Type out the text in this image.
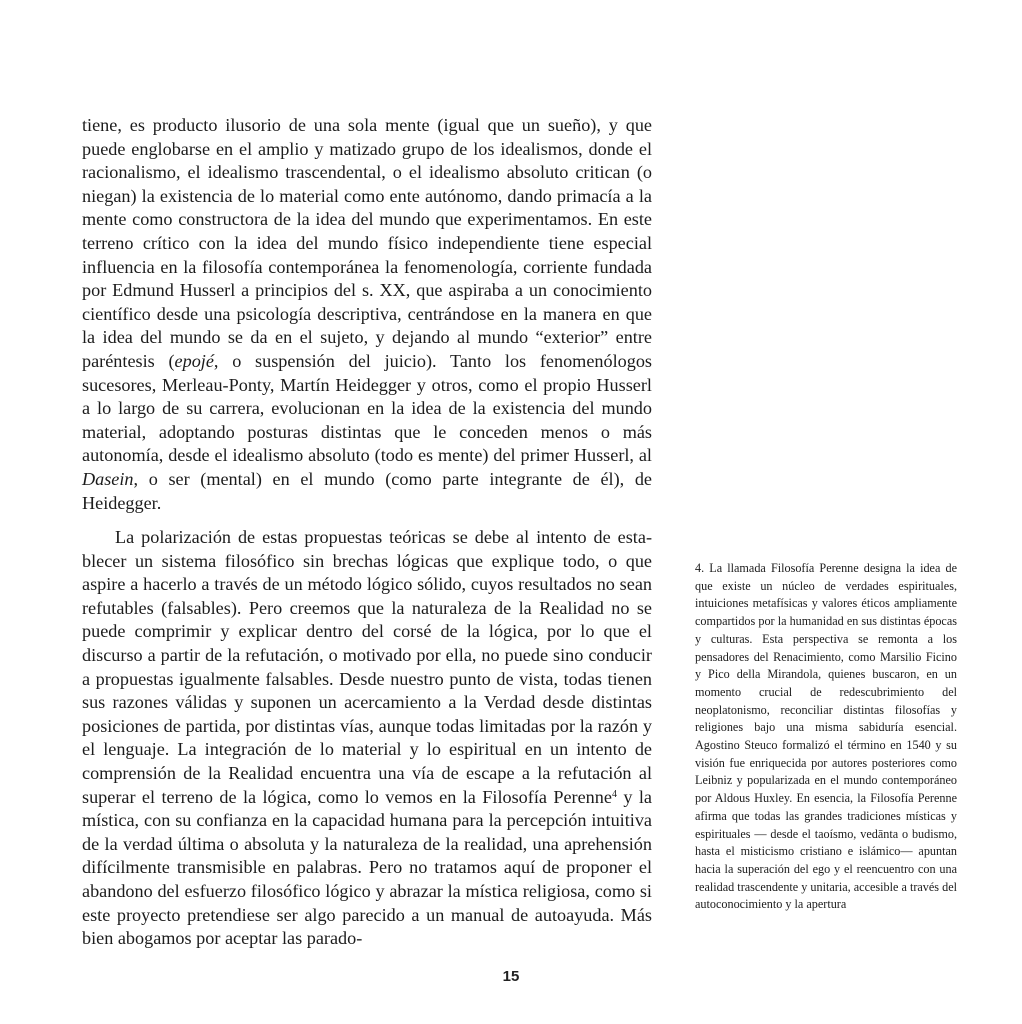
tiene, es producto ilusorio de una sola mente (igual que un sueño), y que puede englobarse en el amplio y matizado grupo de los idealismos, donde el racionalismo, el idealismo trascendental, o el idealismo absoluto critican (o niegan) la existencia de lo material como ente autónomo, dando primacía a la mente como constructora de la idea del mundo que experimentamos. En este terreno crítico con la idea del mundo físico independiente tiene especial influencia en la filosofía contemporánea la fenomenología, corriente fundada por Edmund Husserl a principios del s. XX, que aspiraba a un conocimiento científico desde una psicología descriptiva, centrándose en la manera en que la idea del mundo se da en el sujeto, y dejando al mundo “exterior” entre paréntesis (epojé, o suspensión del juicio). Tanto los fenomenólogos sucesores, Merleau-Ponty, Martín Heidegger y otros, como el propio Husserl a lo largo de su carrera, evolucionan en la idea de la existencia del mundo material, adoptando posturas distintas que le conceden menos o más autonomía, desde el idealismo absoluto (todo es mente) del primer Husserl, al Dasein, o ser (mental) en el mundo (como parte integrante de él), de Heidegger.

La polarización de estas propuestas teóricas se debe al intento de establecer un sistema filosófico sin brechas lógicas que explique todo, o que aspire a hacerlo a través de un método lógico sólido, cuyos resultados no sean refutables (falsables). Pero creemos que la naturaleza de la Realidad no se puede comprimir y explicar dentro del corsé de la lógica, por lo que el discurso a partir de la refutación, o motivado por ella, no puede sino conducir a propuestas igualmente falsables. Desde nuestro punto de vista, todas tienen sus razones válidas y suponen un acercamiento a la Verdad desde distintas posiciones de partida, por distintas vías, aunque todas limitadas por la razón y el lenguaje. La integración de lo material y lo espiritual en un intento de comprensión de la Realidad encuentra una vía de escape a la refutación al superar el terreno de la lógica, como lo vemos en la Filosofía Perenne$^4$ y la mística, con su confianza en la capacidad humana para la percepción intuitiva de la verdad última o absoluta y la naturaleza de la realidad, una aprehensión difícilmente transmisible en palabras. Pero no tratamos aquí de proponer el abandono del esfuerzo filosófico lógico y abrazar la mística religiosa, como si este proyecto pretendiese ser algo parecido a un manual de autoayuda. Más bien abogamos por aceptar las parado-

4. La llamada Filosofía Perenne designa la idea de que existe un núcleo de verdades espirituales, intuiciones metafísicas y valores éticos ampliamente compartidos por la humanidad en sus distintas épocas y culturas. Esta perspectiva se remonta a los pensadores del Renacimiento, como Marsilio Ficino y Pico della Mirandola, quienes buscaron, en un momento crucial de redescubrimiento del neoplatonismo, reconciliar distintas filosofías y religiones bajo una misma sabiduría esencial. Agostino Steuco formalizó el término en 1540 y su visión fue enriquecida por autores posteriores como Leibniz y popularizada en el mundo contemporáneo por Aldous Huxley. En esencia, la Filosofía Perenne afirma que todas las grandes tradiciones místicas y espirituales — desde el taoísmo, vedānta o budismo, hasta el misticismo cristiano e islámico— apuntan hacia la superación del ego y el reencuentro con una realidad trascendente y unitaria, accesible a través del autoconocimiento y la apertura

15
